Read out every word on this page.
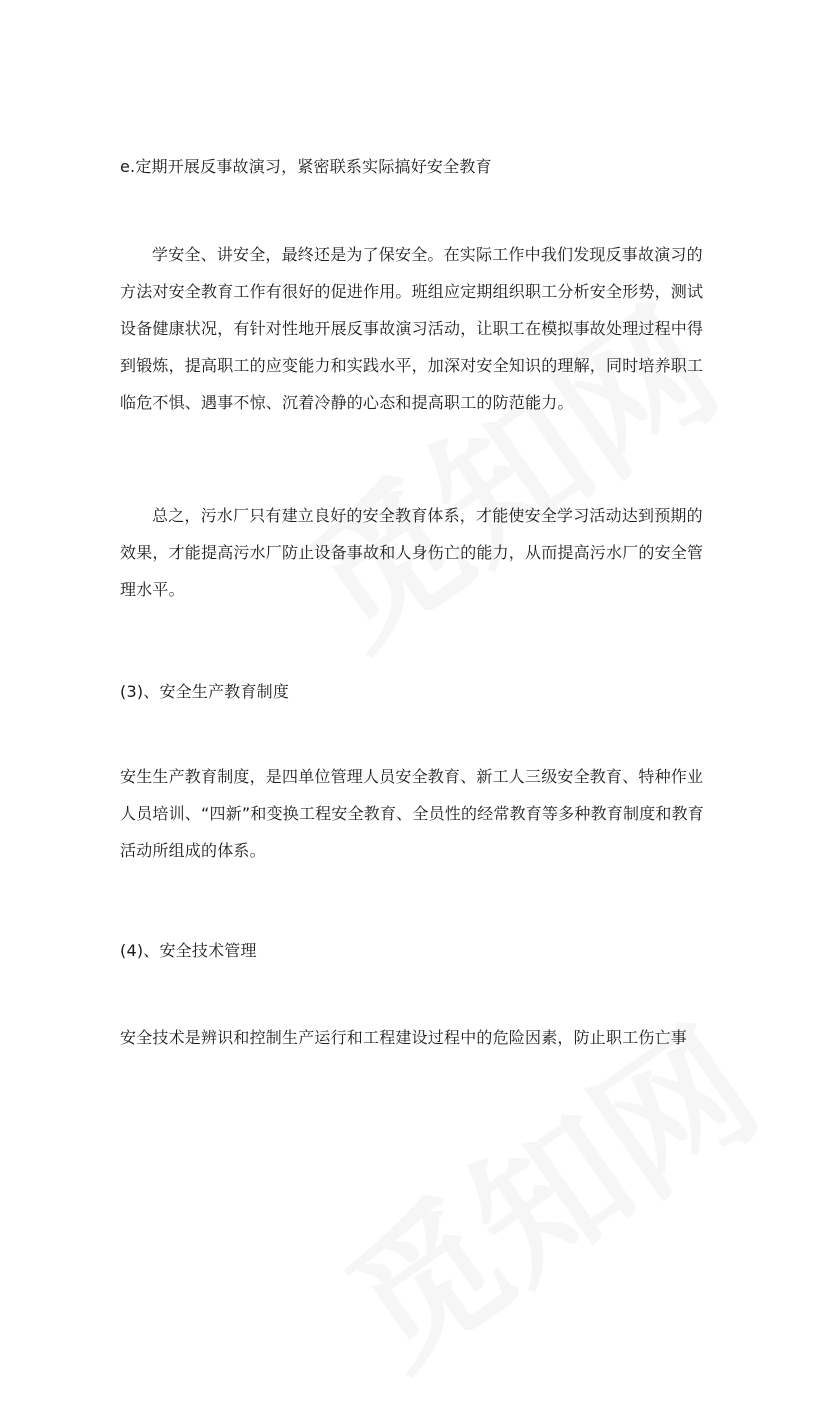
e.定期开展反事故演习，紧密联系实际搞好安全教育

学安全、讲安全，最终还是为了保安全。在实际工作中我们发现反事故演习的方法对安全教育工作有很好的促进作用。班组应定期组织职工分析安全形势，测试设备健康状况，有针对性地开展反事故演习活动，让职工在模拟事故处理过程中得到锻炼，提高职工的应变能力和实践水平，加深对安全知识的理解，同时培养职工临危不惧、遇事不惊、沉着冷静的心态和提高职工的防范能力。

总之，污水厂只有建立良好的安全教育体系，才能使安全学习活动达到预期的效果，才能提高污水厂防止设备事故和人身伤亡的能力，从而提高污水厂的安全管理水平。

(3)、安全生产教育制度

安生生产教育制度，是四单位管理人员安全教育、新工人三级安全教育、特种作业人员培训、“四新”和变换工程安全教育、全员性的经常教育等多种教育制度和教育活动所组成的体系。

(4)、安全技术管理

安全技术是辨识和控制生产运行和工程建设过程中的危险因素，防止职工伤亡事
